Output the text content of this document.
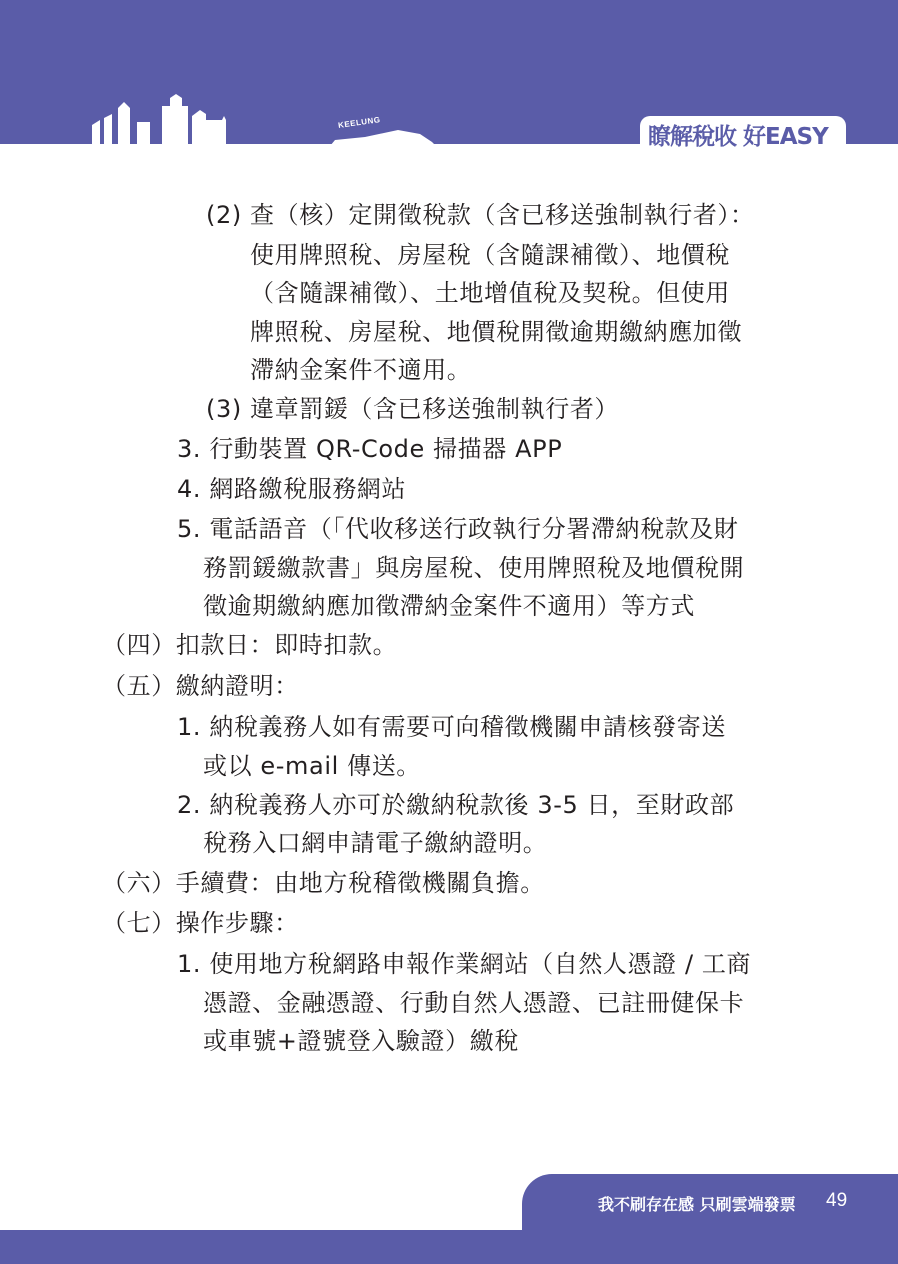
KEELUNG
瞭解稅收 好EASY
(2) 查（核）定開徵稅款（含已移送強制執行者）：
使用牌照稅、房屋稅（含隨課補徵）、地價稅
（含隨課補徵）、土地增值稅及契稅。但使用
牌照稅、房屋稅、地價稅開徵逾期繳納應加徵
滯納金案件不適用。
(3) 違章罰鍰（含已移送強制執行者）
3. 行動裝置 QR-Code 掃描器 APP
4. 網路繳稅服務網站
5. 電話語音（「代收移送行政執行分署滯納稅款及財
務罰鍰繳款書」與房屋稅、使用牌照稅及地價稅開
徵逾期繳納應加徵滯納金案件不適用）等方式
（四）扣款日：即時扣款。
（五）繳納證明：
1. 納稅義務人如有需要可向稽徵機關申請核發寄送
或以 e-mail 傳送。
2. 納稅義務人亦可於繳納稅款後 3-5 日，至財政部
稅務入口網申請電子繳納證明。
（六）手續費：由地方稅稽徵機關負擔。
（七）操作步驟：
1. 使用地方稅網路申報作業網站（自然人憑證 / 工商
憑證、金融憑證、行動自然人憑證、已註冊健保卡
或車號+證號登入驗證）繳稅
我不刷存在感 只刷雲端發票 49
